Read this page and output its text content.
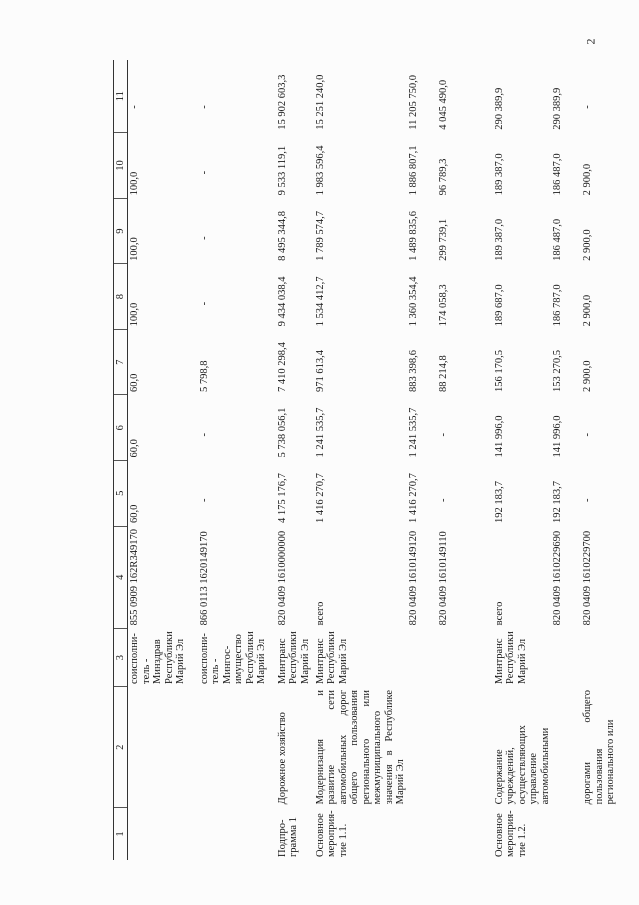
2
1	2	3	4	5	6	7	8	9	10	11
		соисполни-тель - Минздрав Республики Марий Эл	855 0909 162R349170	60,0	60,0	60,0	100,0	100,0	100,0	-
		соисполни-тель - Мингос-имущество Республики Марий Эл	866 0113 1620149170	-	-	5 798,8	-	-	-	-
Подпро-грамма 1	Дорожное хозяйство	Минтранс Республики Марий Эл	820 0409 1610000000	4 175 176,7	5 738 056,1	7 410 298,4	9 434 038,4	8 495 344,8	9 533 119,1	15 902 603,3
Основное мероприя-тие 1.1.	Модернизация и развитие сети автомобильных дорог общего пользования регионального или межмуниципального значения в Республике Марий Эл	Минтранс Республики Марий Эл	всего	1 416 270,7	1 241 535,7	971 613,4	1 534 412,7	1 789 574,7	1 983 596,4	15 251 240,0
			820 0409 1610149120	1 416 270,7	1 241 535,7	883 398,6	1 360 354,4	1 489 835,6	1 886 807,1	11 205 750,0
			820 0409 1610149110	-	-	88 214,8	174 058,3	299 739,1	96 789,3	4 045 490,0
Основное мероприя-тие 1.2.	Содержание учреждений, осуществляющих управление автомобильными	Минтранс Республики Марий Эл	всего	192 183,7	141 996,0	156 170,5	189 687,0	189 387,0	189 387,0	290 389,9
			820 0409 1610229690	192 183,7	141 996,0	153 270,5	186 787,0	186 487,0	186 487,0	290 389,9
	дорогами общего пользования регионального или		820 0409 1610229700	-	-	2 900,0	2 900,0	2 900,0	2 900,0	-
